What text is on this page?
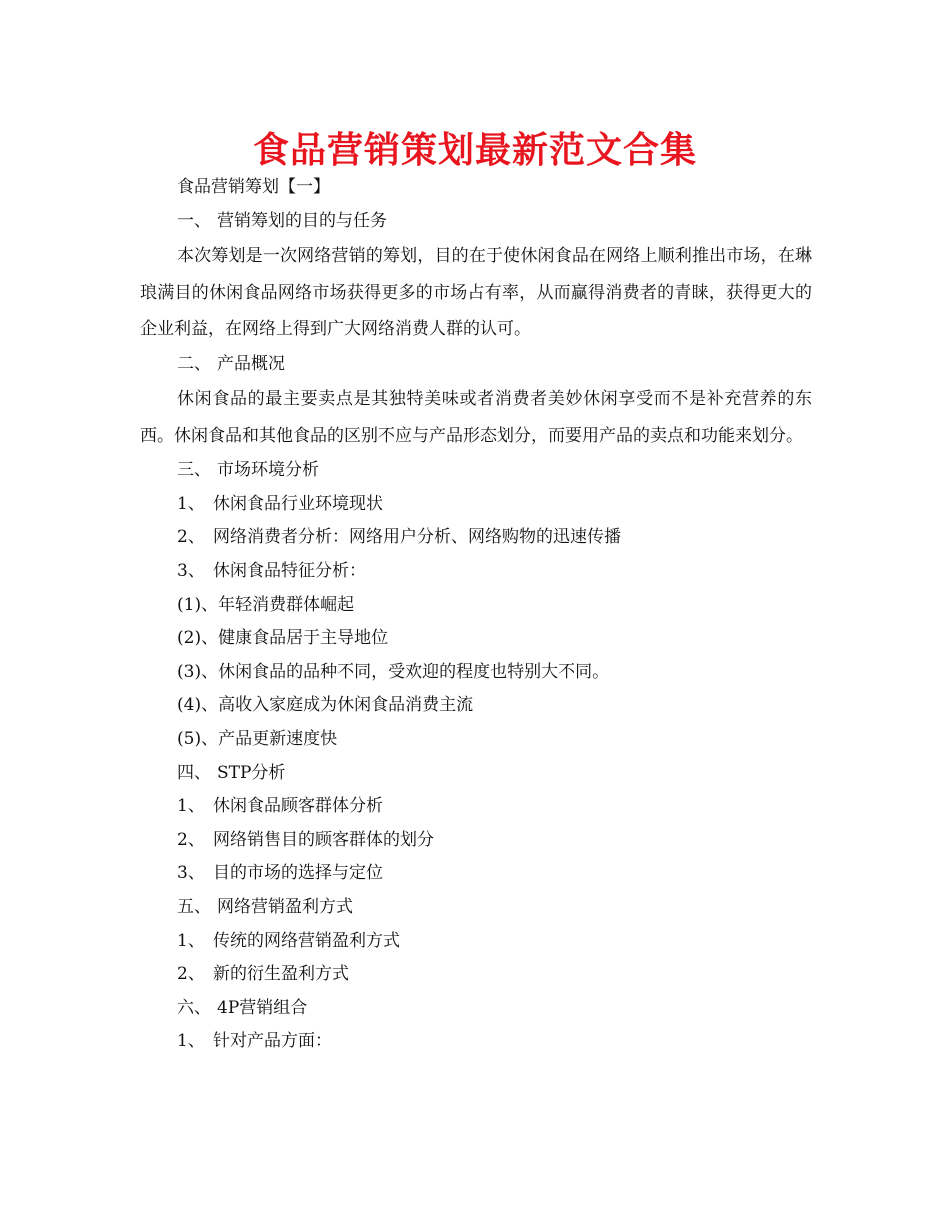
食品营销策划最新范文合集
食品营销筹划【一】
一、 营销筹划的目的与任务
本次筹划是一次网络营销的筹划，目的在于使休闲食品在网络上顺利推出市场，在琳琅满目的休闲食品网络市场获得更多的市场占有率，从而赢得消费者的青睐，获得更大的企业利益，在网络上得到广大网络消费人群的认可。
二、 产品概况
休闲食品的最主要卖点是其独特美味或者消费者美妙休闲享受而不是补充营养的东西。休闲食品和其他食品的区别不应与产品形态划分，而要用产品的卖点和功能来划分。
三、 市场环境分析
1、 休闲食品行业环境现状
2、 网络消费者分析：网络用户分析、网络购物的迅速传播
3、 休闲食品特征分析：
(1)、年轻消费群体崛起
(2)、健康食品居于主导地位
(3)、休闲食品的品种不同，受欢迎的程度也特别大不同。
(4)、高收入家庭成为休闲食品消费主流
(5)、产品更新速度快
四、 STP分析
1、 休闲食品顾客群体分析
2、 网络销售目的顾客群体的划分
3、 目的市场的选择与定位
五、 网络营销盈利方式
1、 传统的网络营销盈利方式
2、 新的衍生盈利方式
六、 4P营销组合
1、 针对产品方面：
